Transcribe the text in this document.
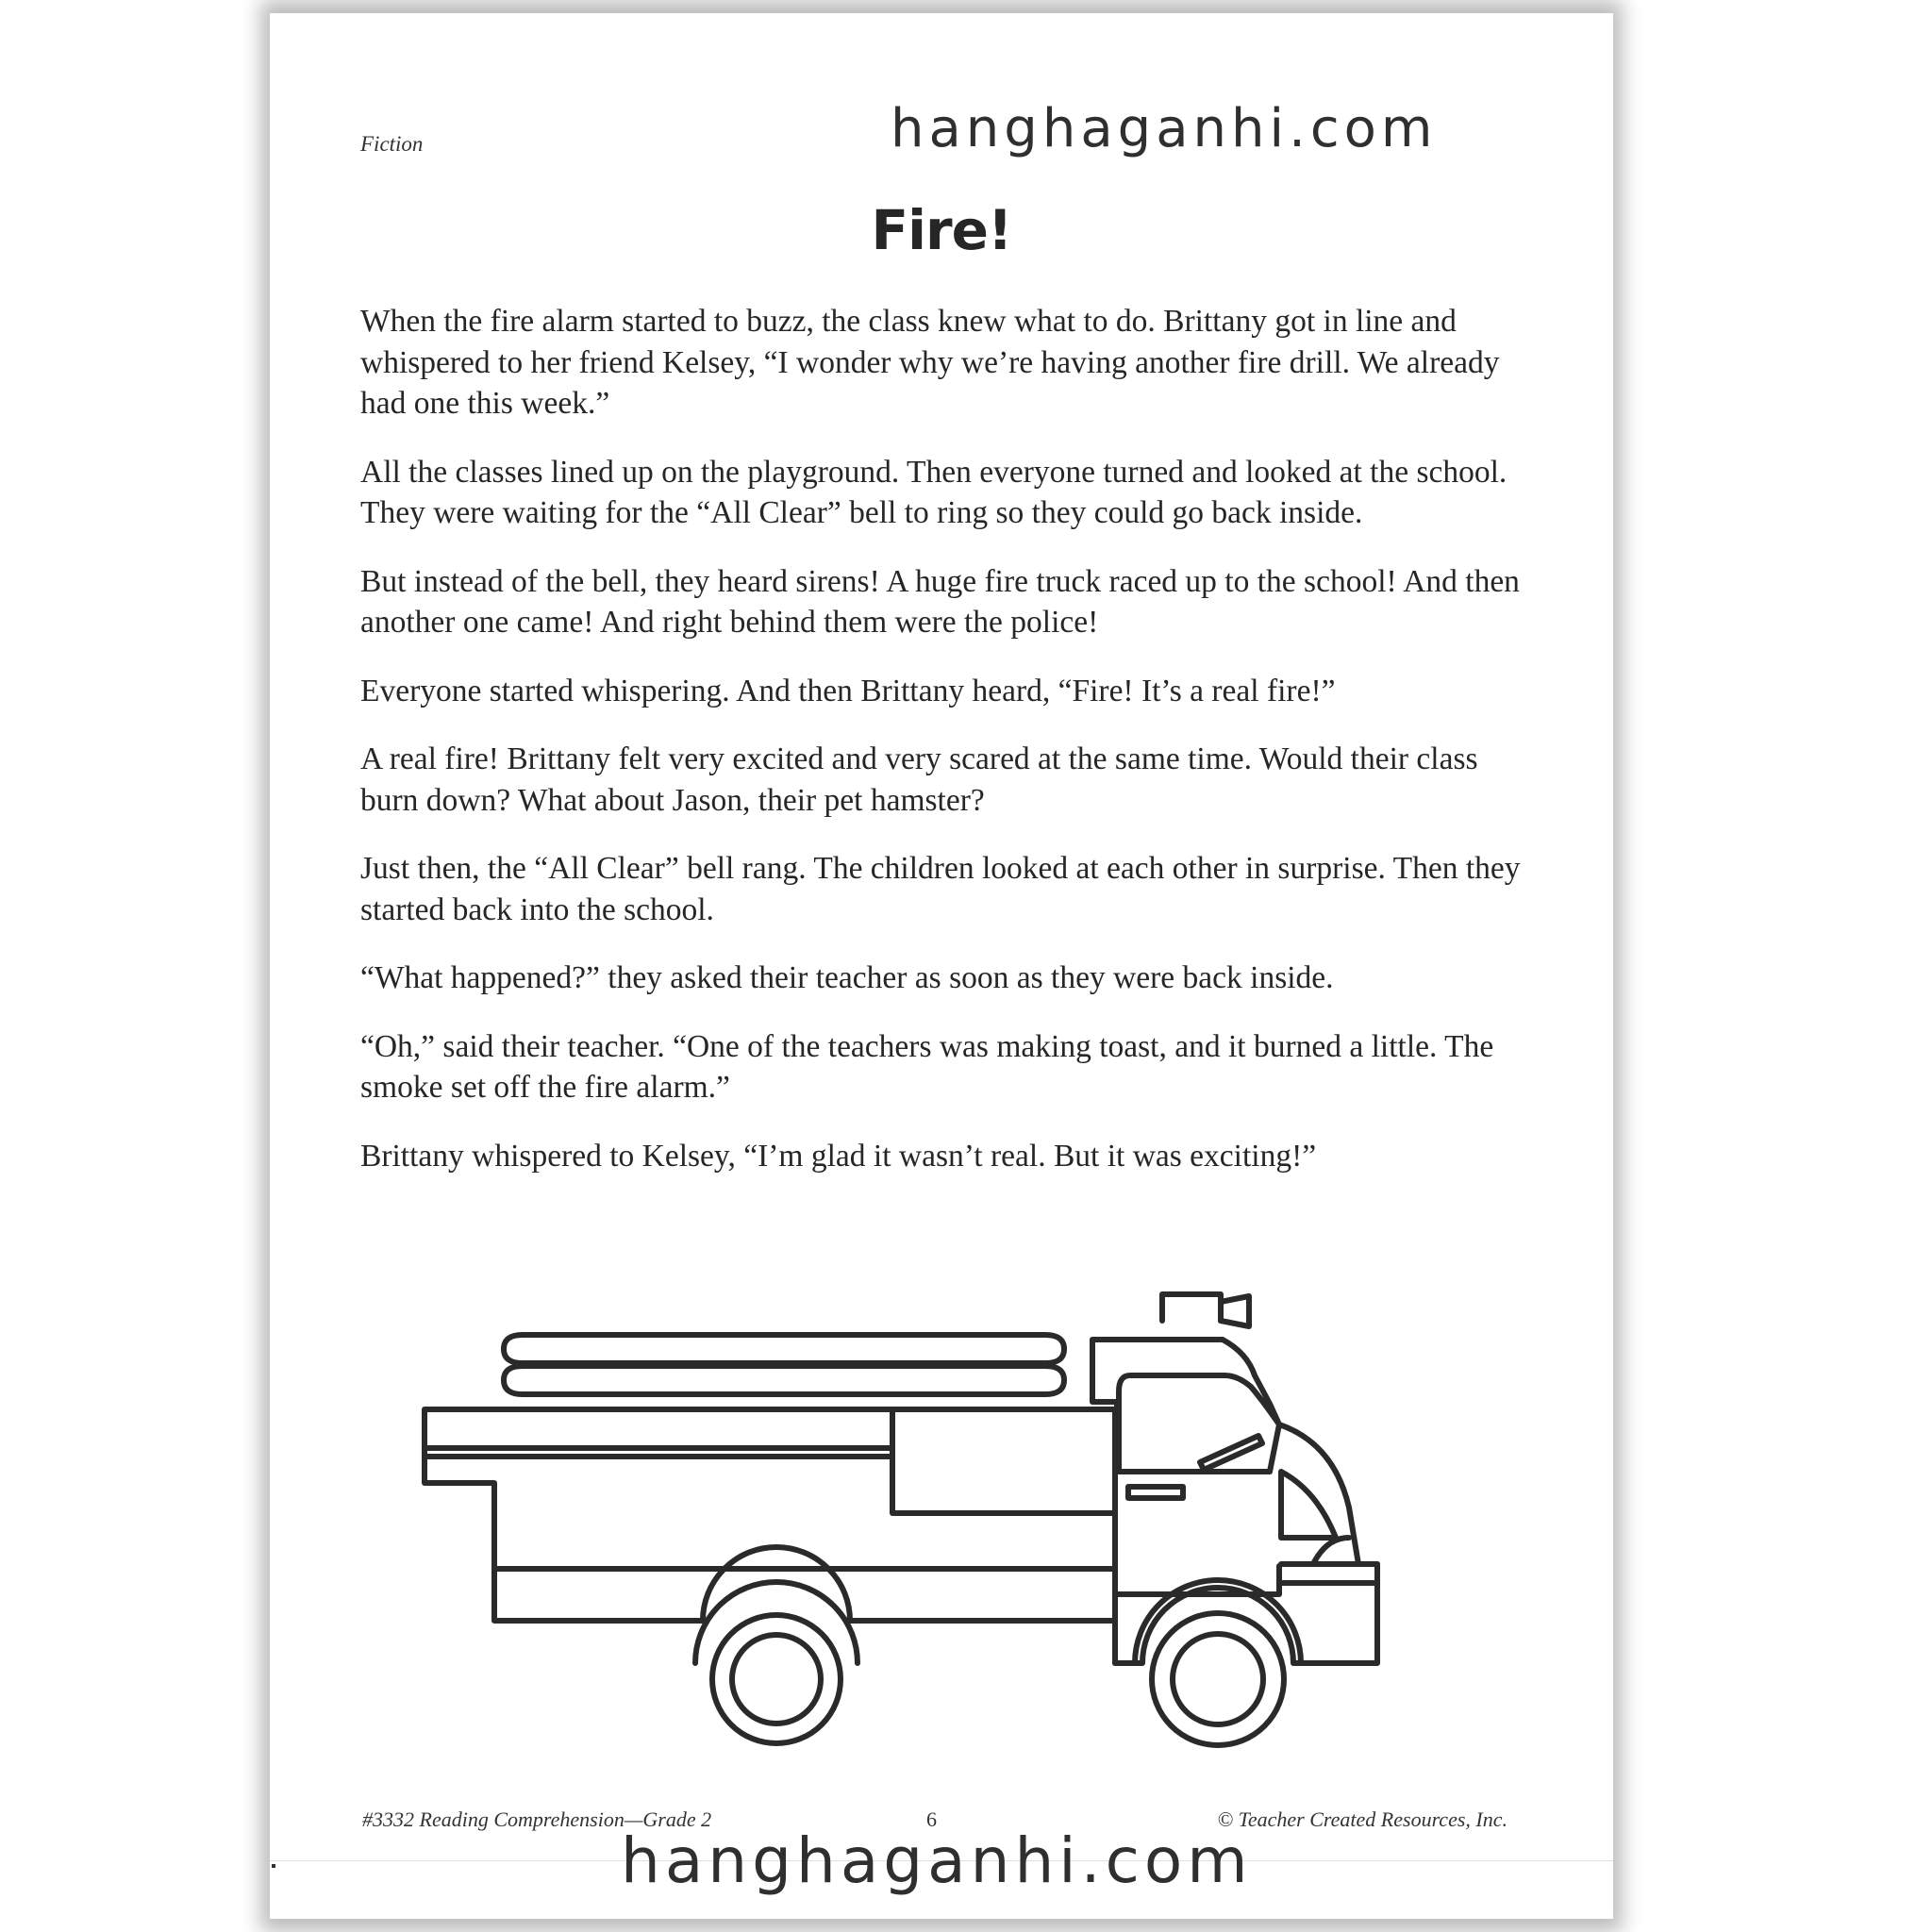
Fiction	hanghaganhi.com
Fire!

When the fire alarm started to buzz, the class knew what to do. Brittany got in line and whispered to her friend Kelsey, “I wonder why we’re having another fire drill. We already had one this week.”

All the classes lined up on the playground. Then everyone turned and looked at the school. They were waiting for the “All Clear” bell to ring so they could go back inside.

But instead of the bell, they heard sirens! A huge fire truck raced up to the school! And then another one came! And right behind them were the police!

Everyone started whispering. And then Brittany heard, “Fire! It’s a real fire!”

A real fire! Brittany felt very excited and very scared at the same time. Would their class burn down? What about Jason, their pet hamster?

Just then, the “All Clear” bell rang. The children looked at each other in surprise. Then they started back into the school.

“What happened?” they asked their teacher as soon as they were back inside.

“Oh,” said their teacher. “One of the teachers was making toast, and it burned a little. The smoke set off the fire alarm.”

Brittany whispered to Kelsey, “I’m glad it wasn’t real. But it was exciting!”

#3332 Reading Comprehension—Grade 2	6	© Teacher Created Resources, Inc.
hanghaganhi.com
